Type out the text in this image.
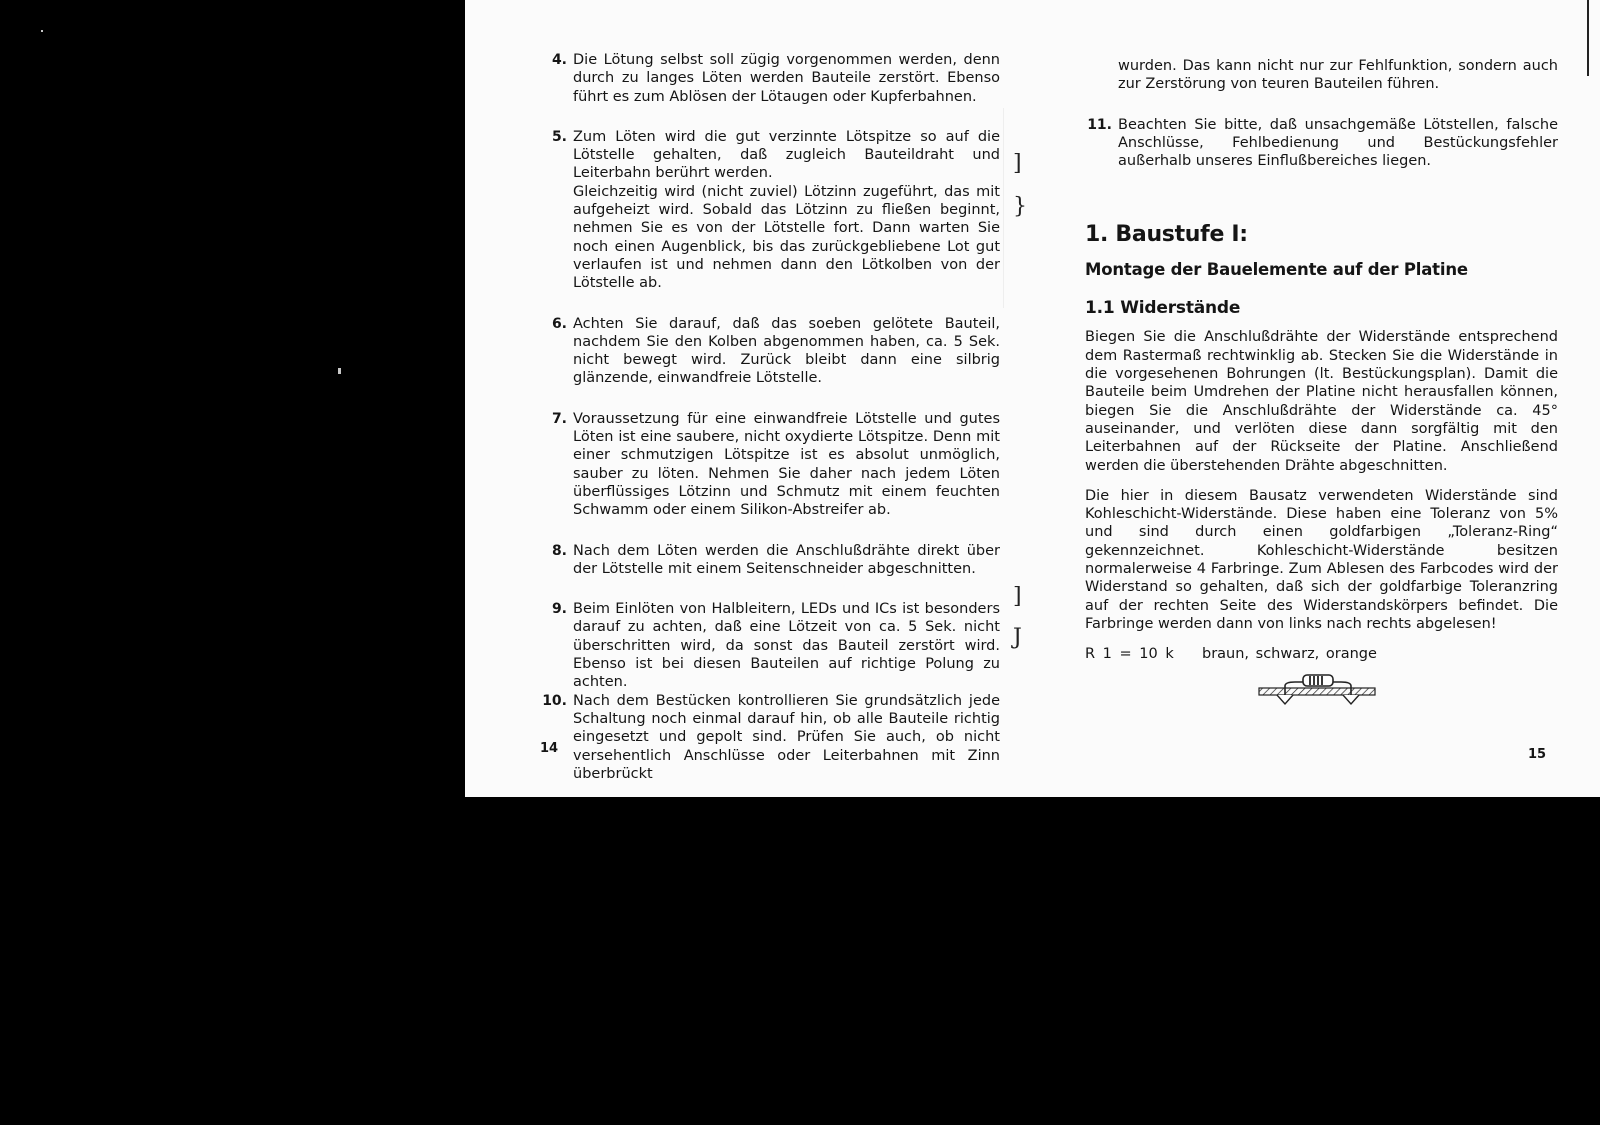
4. Die Lötung selbst soll zügig vorgenommen werden, denn durch zu langes Löten werden Bauteile zerstört. Ebenso führt es zum Ablösen der Lötaugen oder Kupferbahnen.

5. Zum Löten wird die gut verzinnte Lötspitze so auf die Lötstelle gehalten, daß zugleich Bauteildraht und Leiterbahn berührt werden.

Gleichzeitig wird (nicht zuviel) Lötzinn zugeführt, das mit aufgeheizt wird. Sobald das Lötzinn zu fließen beginnt, nehmen Sie es von der Lötstelle fort. Dann warten Sie noch einen Augenblick, bis das zurückgebliebene Lot gut verlaufen ist und nehmen dann den Lötkolben von der Lötstelle ab.

6. Achten Sie darauf, daß das soeben gelötete Bauteil, nachdem Sie den Kolben abgenommen haben, ca. 5 Sek. nicht bewegt wird. Zurück bleibt dann eine silbrig glänzende, einwandfreie Lötstelle.

7. Voraussetzung für eine einwandfreie Lötstelle und gutes Löten ist eine saubere, nicht oxydierte Lötspitze. Denn mit einer schmutzigen Lötspitze ist es absolut unmöglich, sauber zu löten. Nehmen Sie daher nach jedem Löten überflüssiges Lötzinn und Schmutz mit einem feuchten Schwamm oder einem Silikon-Abstreifer ab.

8. Nach dem Löten werden die Anschlußdrähte direkt über der Lötstelle mit einem Seitenschneider abgeschnitten.

9. Beim Einlöten von Halbleitern, LEDs und ICs ist besonders darauf zu achten, daß eine Lötzeit von ca. 5 Sek. nicht überschritten wird, da sonst das Bauteil zerstört wird. Ebenso ist bei diesen Bauteilen auf richtige Polung zu achten.

10. Nach dem Bestücken kontrollieren Sie grundsätzlich jede Schaltung noch einmal darauf hin, ob alle Bauteile richtig eingesetzt und gepolt sind. Prüfen Sie auch, ob nicht versehentlich Anschlüsse oder Leiterbahnen mit Zinn überbrückt

]
}
]
J
14
wurden. Das kann nicht nur zur Fehlfunktion, sondern auch zur Zerstörung von teuren Bauteilen führen.
11. Beachten Sie bitte, daß unsachgemäße Lötstellen, falsche Anschlüsse, Fehlbedienung und Bestückungsfehler außerhalb unseres Einflußbereiches liegen.

1. Baustufe I:
Montage der Bauelemente auf der Platine
1.1 Widerstände

Biegen Sie die Anschlußdrähte der Widerstände entsprechend dem Rastermaß rechtwinklig ab. Stecken Sie die Widerstände in die vorgesehenen Bohrungen (lt. Bestückungsplan). Damit die Bauteile beim Umdrehen der Platine nicht herausfallen können, biegen Sie die Anschlußdrähte der Widerstände ca. 45° auseinander, und verlöten diese dann sorgfältig mit den Leiterbahnen auf der Rückseite der Platine. Anschließend werden die überstehenden Drähte abgeschnitten.

Die hier in diesem Bausatz verwendeten Widerstände sind Kohleschicht-Widerstände. Diese haben eine Toleranz von 5% und sind durch einen goldfarbigen „Toleranz-Ring“ gekennzeichnet. Kohleschicht-Widerstände besitzen normalerweise 4 Farbringe. Zum Ablesen des Farbcodes wird der Widerstand so gehalten, daß sich der goldfarbige Toleranzring auf der rechten Seite des Widerstandskörpers befindet. Die Farbringe werden dann von links nach rechts abgelesen!

R 1 = 10 k	braun, schwarz, orange
15
